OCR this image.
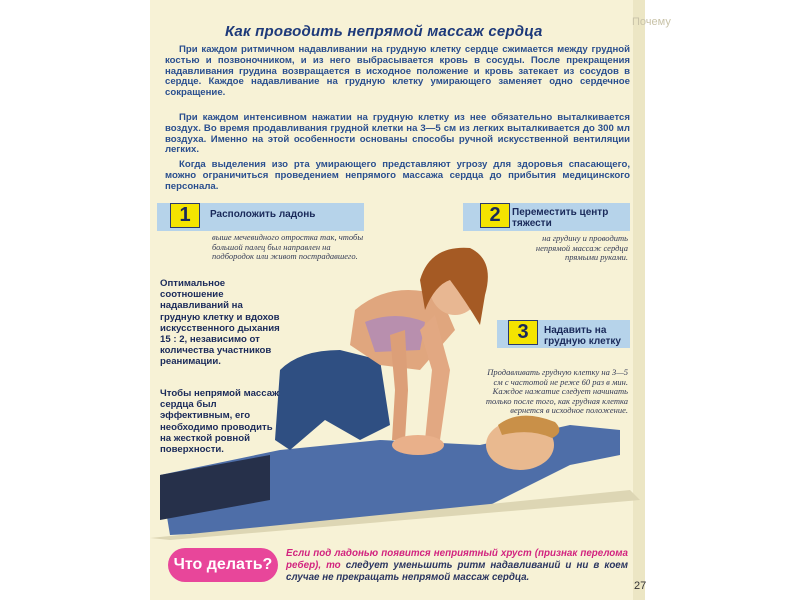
Почему
Как проводить непрямой массаж сердца

При каждом ритмичном надавливании на грудную клетку сердце сжимается между грудной костью и позвоночником, и из него выбрасывается кровь в сосуды. После прекращения надавливания грудина возвращается в исходное положение и кровь затекает из сосудов в сердце. Каждое надавливание на грудную клетку умирающего заменяет одно сердечное сокращение.

При каждом интенсивном нажатии на грудную клетку из нее обязательно выталкивается воздух. Во время продавливания грудной клетки на 3—5 см из легких выталкивается до 300 мл воздуха. Именно на этой особенности основаны способы ручной искусственной вентиляции легких.

Когда выделения изо рта умирающего представляют угрозу для здоровья спасающего, можно ограничиться проведением непрямого массажа сердца до прибытия медицинского персонала.

1	Расположить ладонь

выше мечевидного отростка так, чтобы большой палец был направлен на подбородок или живот пострадавшего.

2	Переместить центр тяжести

на грудину и проводить непрямой массаж сердца прямыми руками.

3	Надавить на грудную клетку

Продавливать грудную клетку на 3—5 см с частотой не реже 60 раз в мин. Каждое нажатие следует начинать только после того, как грудная клетка вернется в исходное положение.

Оптимальное соотношение надавливаний на грудную клетку и вдохов искусственного дыхания 15 : 2, независимо от количества участников реанимации.

Чтобы непрямой массаж сердца был эффективным, его необходимо проводить на жесткой ровной поверхности.

Что делать?

Если под ладонью появится неприятный хруст (признак перелома ребер), то следует уменьшить ритм надавливаний и ни в коем случае не прекращать непрямой массаж сердца.

27
